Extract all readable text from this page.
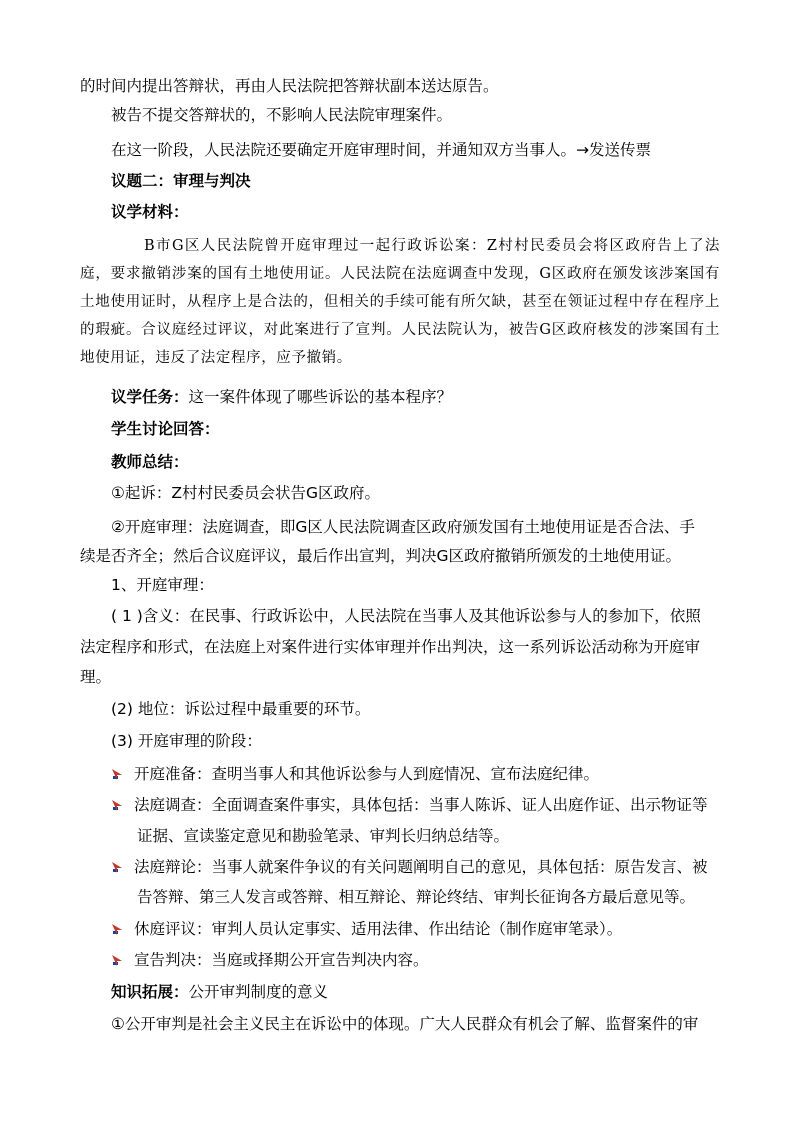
的时间内提出答辩状，再由人民法院把答辩状副本送达原告。
被告不提交答辩状的，不影响人民法院审理案件。
在这一阶段，人民法院还要确定开庭审理时间，并通知双方当事人。→发送传票
议题二：审理与判决
议学材料：
B市G区人民法院曾开庭审理过一起行政诉讼案：Z村村民委员会将区政府告上了法庭，要求撤销涉案的国有土地使用证。人民法院在法庭调查中发现，G区政府在颁发该涉案国有土地使用证时，从程序上是合法的，但相关的手续可能有所欠缺，甚至在领证过程中存在程序上的瑕疵。合议庭经过评议，对此案进行了宣判。人民法院认为，被告G区政府核发的涉案国有土地使用证，违反了法定程序，应予撤销。
议学任务：这一案件体现了哪些诉讼的基本程序？
学生讨论回答：
教师总结：
①起诉：Z村村民委员会状告G区政府。
②开庭审理：法庭调查，即G区人民法院调查区政府颁发国有土地使用证是否合法、手
续是否齐全；然后合议庭评议，最后作出宣判，判决G区政府撤销所颁发的土地使用证。
1、开庭审理：
( 1 )含义：在民事、行政诉讼中，人民法院在当事人及其他诉讼参与人的参加下，依照
法定程序和形式，在法庭上对案件进行实体审理并作出判决，这一系列诉讼活动称为开庭审
理。
(2) 地位：诉讼过程中最重要的环节。
(3) 开庭审理的阶段：
开庭准备：查明当事人和其他诉讼参与人到庭情况、宣布法庭纪律。
法庭调查：全面调查案件事实，具体包括：当事人陈诉、证人出庭作证、出示物证等
证据、宣读鉴定意见和勘验笔录、审判长归纳总结等。
法庭辩论：当事人就案件争议的有关问题阐明自己的意见，具体包括：原告发言、被
告答辩、第三人发言或答辩、相互辩论、辩论终结、审判长征询各方最后意见等。
休庭评议：审判人员认定事实、适用法律、作出结论（制作庭审笔录）。
宣告判决：当庭或择期公开宣告判决内容。
知识拓展：公开审判制度的意义
①公开审判是社会主义民主在诉讼中的体现。广大人民群众有机会了解、监督案件的审
